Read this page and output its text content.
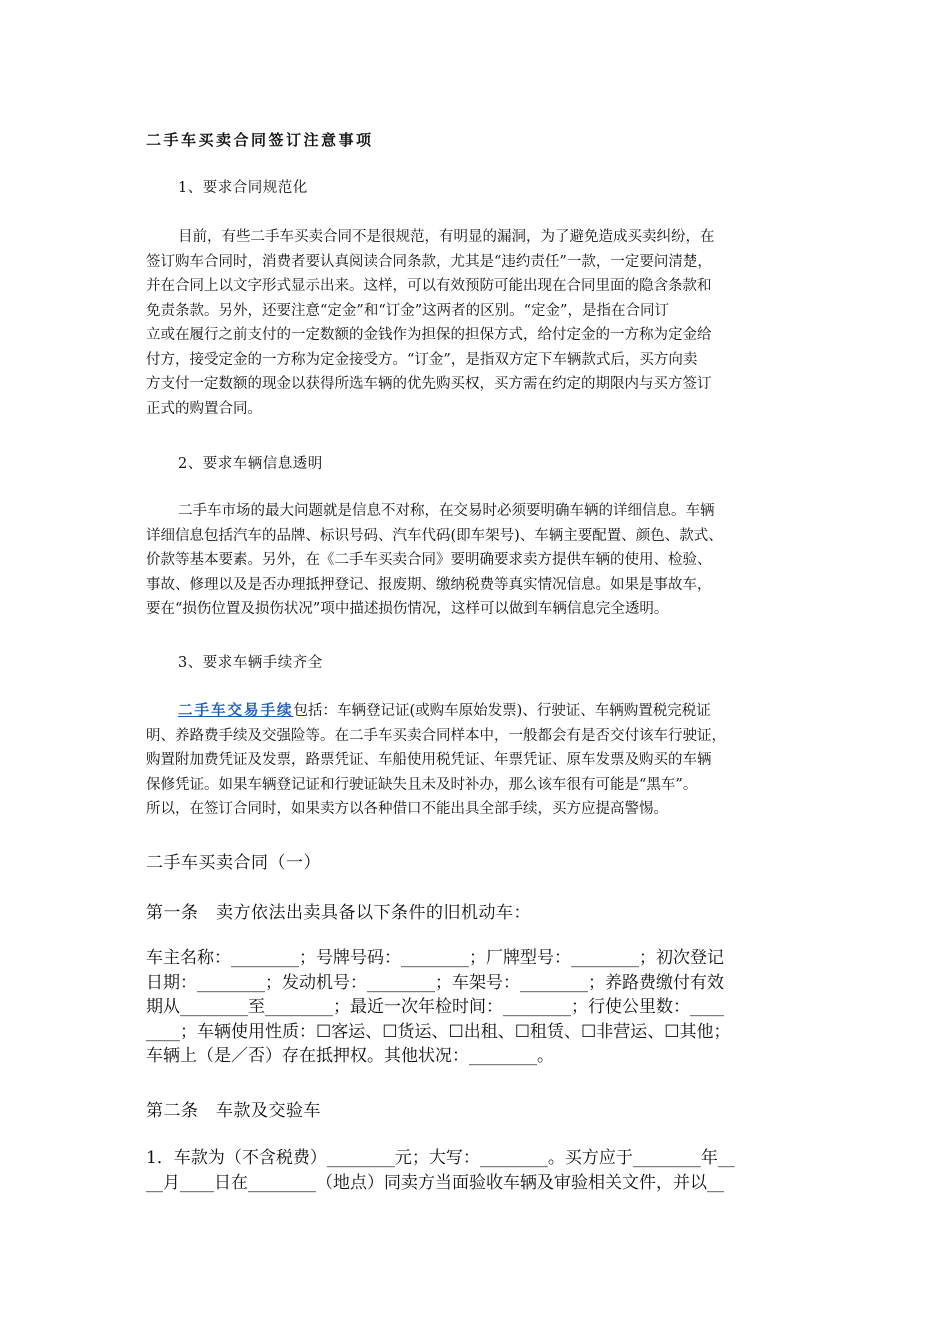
二手车买卖合同签订注意事项
1、要求合同规范化
目前，有些二手车买卖合同不是很规范，有明显的漏洞，为了避免造成买卖纠纷，在
签订购车合同时，消费者要认真阅读合同条款，尤其是“违约责任”一款，一定要问清楚，
并在合同上以文字形式显示出来。这样，可以有效预防可能出现在合同里面的隐含条款和
免责条款。另外，还要注意“定金”和“订金”这两者的区别。“定金”，是指在合同订
立或在履行之前支付的一定数额的金钱作为担保的担保方式，给付定金的一方称为定金给
付方，接受定金的一方称为定金接受方。“订金”，是指双方定下车辆款式后，买方向卖
方支付一定数额的现金以获得所选车辆的优先购买权，买方需在约定的期限内与买方签订
正式的购置合同。
2、要求车辆信息透明
二手车市场的最大问题就是信息不对称，在交易时必须要明确车辆的详细信息。车辆
详细信息包括汽车的品牌、标识号码、汽车代码(即车架号)、车辆主要配置、颜色、款式、
价款等基本要素。另外，在《二手车买卖合同》要明确要求卖方提供车辆的使用、检验、
事故、修理以及是否办理抵押登记、报废期、缴纳税费等真实情况信息。如果是事故车，
要在“损伤位置及损伤状况”项中描述损伤情况，这样可以做到车辆信息完全透明。
3、要求车辆手续齐全
二手车交易手续包括：车辆登记证(或购车原始发票)、行驶证、车辆购置税完税证
明、养路费手续及交强险等。在二手车买卖合同样本中，一般都会有是否交付该车行驶证，
购置附加费凭证及发票，路票凭证、车船使用税凭证、年票凭证、原车发票及购买的车辆
保修凭证。如果车辆登记证和行驶证缺失且未及时补办，那么该车很有可能是“黑车”。
所以，在签订合同时，如果卖方以各种借口不能出具全部手续，买方应提高警惕。
二手车买卖合同（一）
第一条　卖方依法出卖具备以下条件的旧机动车：
车主名称：________；号牌号码：________；厂牌型号：________；初次登记
日期：________；发动机号：________；车架号：________；养路费缴付有效
期从________至________；最近一次年检时间：________；行使公里数：____
____；车辆使用性质：☐客运、☐货运、☐出租、☐租赁、☐非营运、☐其他；
车辆上（是／否）存在抵押权。其他状况：________。
第二条　车款及交验车
1．车款为（不含税费）________元；大写：________。买方应于________年__
__月____日在________（地点）同卖方当面验收车辆及审验相关文件，并以__
